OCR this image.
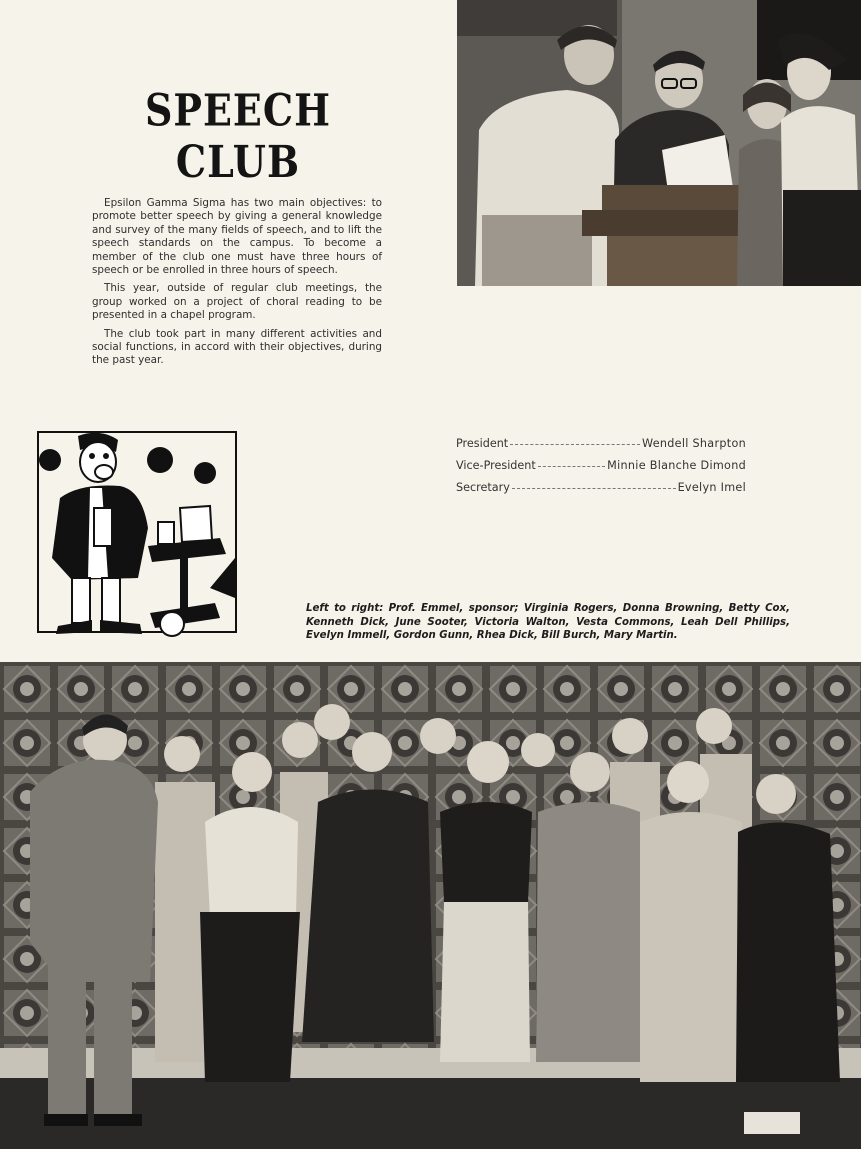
SPEECH CLUB

Epsilon Gamma Sigma has two main objectives: to promote better speech by giving a general knowledge and survey of the many fields of speech, and to lift the speech standards on the campus. To become a member of the club one must have three hours of speech or be enrolled in three hours of speech.

This year, outside of regular club meetings, the group worked on a project of choral reading to be presented in a chapel program.

The club took part in many different activities and social functions, in accord with their objectives, during the past year.

President	Wendell Sharpton
Vice-President	Minnie Blanche Dimond
Secretary	Evelyn Imel
Left to right: Prof. Emmel, sponsor; Virginia Rogers, Donna Browning, Betty Cox, Kenneth Dick, June Sooter, Victoria Walton, Vesta Commons, Leah Dell Phillips, Evelyn Immell, Gordon Gunn, Rhea Dick, Bill Burch, Mary Martin.
